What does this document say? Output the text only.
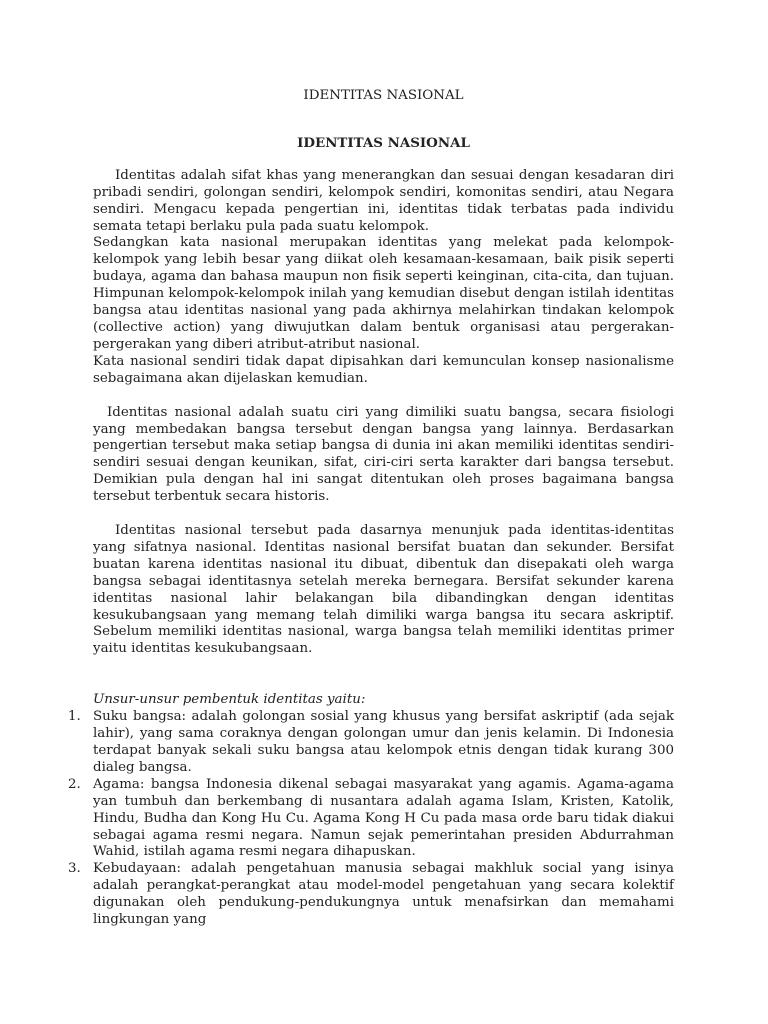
IDENTITAS NASIONAL
IDENTITAS NASIONAL

Identitas adalah sifat khas yang menerangkan dan sesuai dengan kesadaran diri pribadi sendiri, golongan sendiri, kelompok sendiri, komonitas sendiri, atau Negara sendiri. Mengacu kepada pengertian ini, identitas tidak terbatas pada individu semata tetapi berlaku pula pada suatu kelompok.

Sedangkan kata nasional merupakan identitas yang melekat pada kelompok-kelompok yang lebih besar yang diikat oleh kesamaan-kesamaan, baik pisik seperti budaya, agama dan bahasa maupun non fisik seperti keinginan, cita-cita, dan tujuan. Himpunan kelompok-kelompok inilah yang kemudian disebut dengan istilah identitas bangsa atau identitas nasional yang pada akhirnya melahirkan tindakan kelompok (collective action) yang diwujutkan dalam bentuk organisasi atau pergerakan-pergerakan yang diberi atribut-atribut nasional.

Kata nasional sendiri tidak dapat dipisahkan dari kemunculan konsep nasionalisme sebagaimana akan dijelaskan kemudian.

Identitas nasional adalah suatu ciri yang dimiliki suatu bangsa, secara fisiologi yang membedakan bangsa tersebut dengan bangsa yang lainnya. Berdasarkan pengertian tersebut maka setiap bangsa di dunia ini akan memiliki identitas sendiri-sendiri sesuai dengan keunikan, sifat, ciri-ciri serta karakter dari bangsa tersebut. Demikian pula dengan hal ini sangat ditentukan oleh proses bagaimana bangsa tersebut terbentuk secara historis.

Identitas nasional tersebut pada dasarnya menunjuk pada identitas-identitas yang sifatnya nasional. Identitas nasional bersifat buatan dan sekunder. Bersifat buatan karena identitas nasional itu dibuat, dibentuk dan disepakati oleh warga bangsa sebagai identitasnya setelah mereka bernegara. Bersifat sekunder karena identitas nasional lahir belakangan bila dibandingkan dengan identitas kesukubangsaan yang memang telah dimiliki warga bangsa itu secara askriptif. Sebelum memiliki identitas nasional, warga bangsa telah memiliki identitas primer yaitu identitas kesukubangsaan.

Unsur-unsur pembentuk identitas yaitu:

1. Suku bangsa: adalah golongan sosial yang khusus yang bersifat askriptif (ada sejak lahir), yang sama coraknya dengan golongan umur dan jenis kelamin. Di Indonesia terdapat banyak sekali suku bangsa atau kelompok etnis dengan tidak kurang 300 dialeg bangsa.
2. Agama: bangsa Indonesia dikenal sebagai masyarakat yang agamis. Agama-agama yan tumbuh dan berkembang di nusantara adalah agama Islam, Kristen, Katolik, Hindu, Budha dan Kong Hu Cu. Agama Kong H Cu pada masa orde baru tidak diakui sebagai agama resmi negara. Namun sejak pemerintahan presiden Abdurrahman Wahid, istilah agama resmi negara dihapuskan.
3. Kebudayaan: adalah pengetahuan manusia sebagai makhluk social yang isinya adalah perangkat-perangkat atau model-model pengetahuan yang secara kolektif digunakan oleh pendukung-pendukungnya untuk menafsirkan dan memahami lingkungan yang
